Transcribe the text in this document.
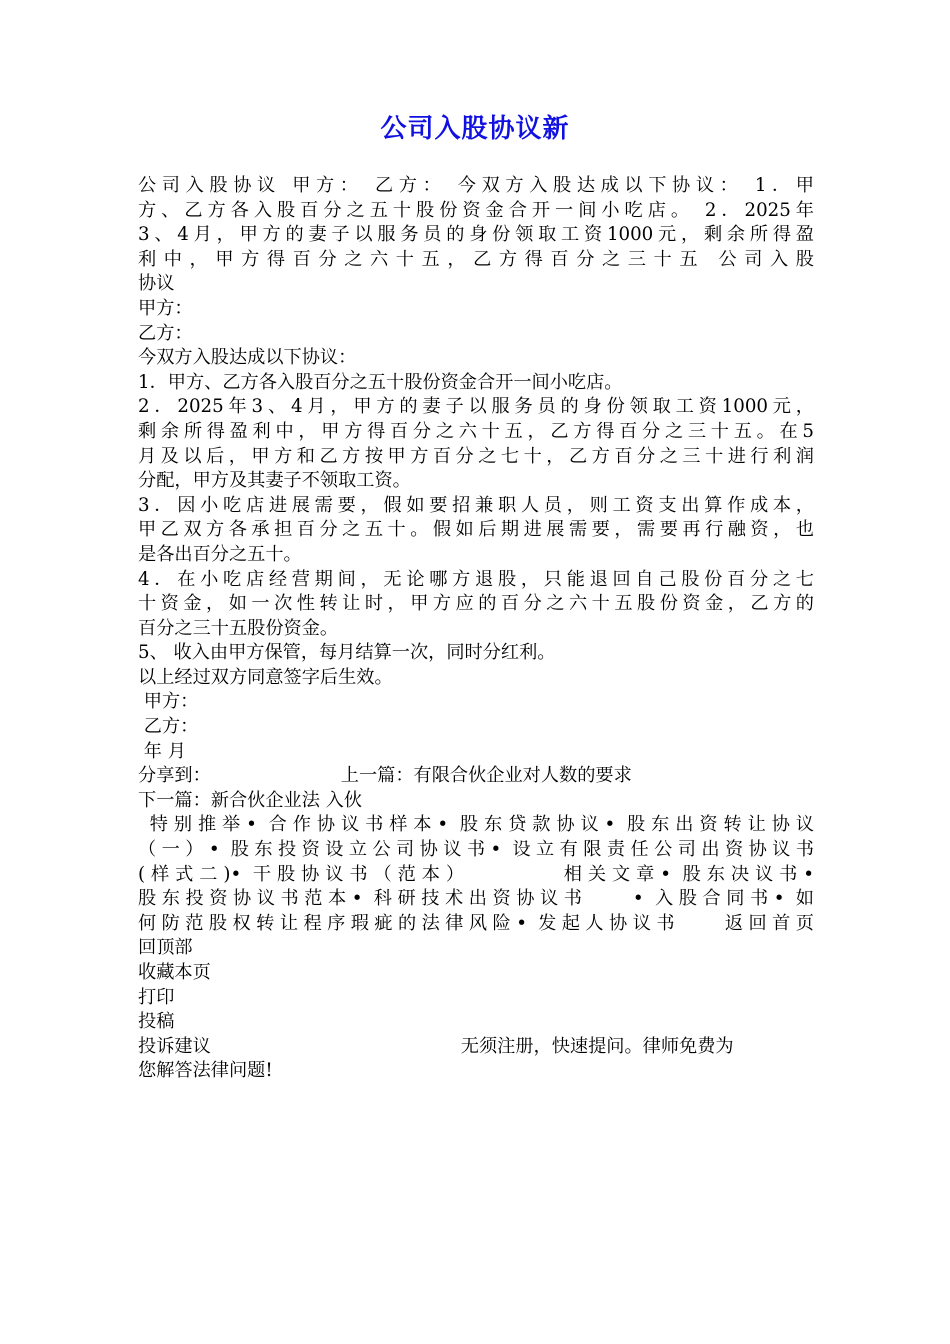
公司入股协议新
公司入股协议 甲方： 乙方： 今双方入股达成以下协议： 1．甲
方、乙方各入股百分之五十股份资金合开一间小吃店。 2．2025年
3、4月，甲方的妻子以服务员的身份领取工资1000元，剩余所得盈
利中，甲方得百分之六十五，乙方得百分之三十五 公司入股
协议
甲方：
乙方：
今双方入股达成以下协议：
1．甲方、乙方各入股百分之五十股份资金合开一间小吃店。
2．2025年3、4月，甲方的妻子以服务员的身份领取工资1000元，
剩余所得盈利中，甲方得百分之六十五，乙方得百分之三十五。在5
月及以后，甲方和乙方按甲方百分之七十，乙方百分之三十进行利润
分配，甲方及其妻子不领取工资。
3．因小吃店进展需要，假如要招兼职人员，则工资支出算作成本，
甲乙双方各承担百分之五十。假如后期进展需要，需要再行融资，也
是各出百分之五十。
4．在小吃店经营期间，无论哪方退股，只能退回自己股份百分之七
十资金，如一次性转让时，甲方应的百分之六十五股份资金，乙方的
百分之三十五股份资金。
5、 收入由甲方保管，每月结算一次，同时分红利。
以上经过双方同意签字后生效。
甲方：
乙方：
年 月
分享到：	上一篇：有限合伙企业对人数的要求
下一篇：新合伙企业法 入伙
特别推举• 合作协议书样本• 股东贷款协议• 股东出资转让协议
（一）• 股东投资设立公司协议书• 设立有限责任公司出资协议书
(样式二)• 干股协议书（范本）        相关文章• 股东决议书•
股东投资协议书范本• 科研技术出资协议书    • 入股合同书• 如
何防范股权转让程序瑕疵的法律风险• 发起人协议书    返回首页
回顶部
收藏本页
打印
投稿
投诉建议	无须注册，快速提问。律师免费为
您解答法律问题!
